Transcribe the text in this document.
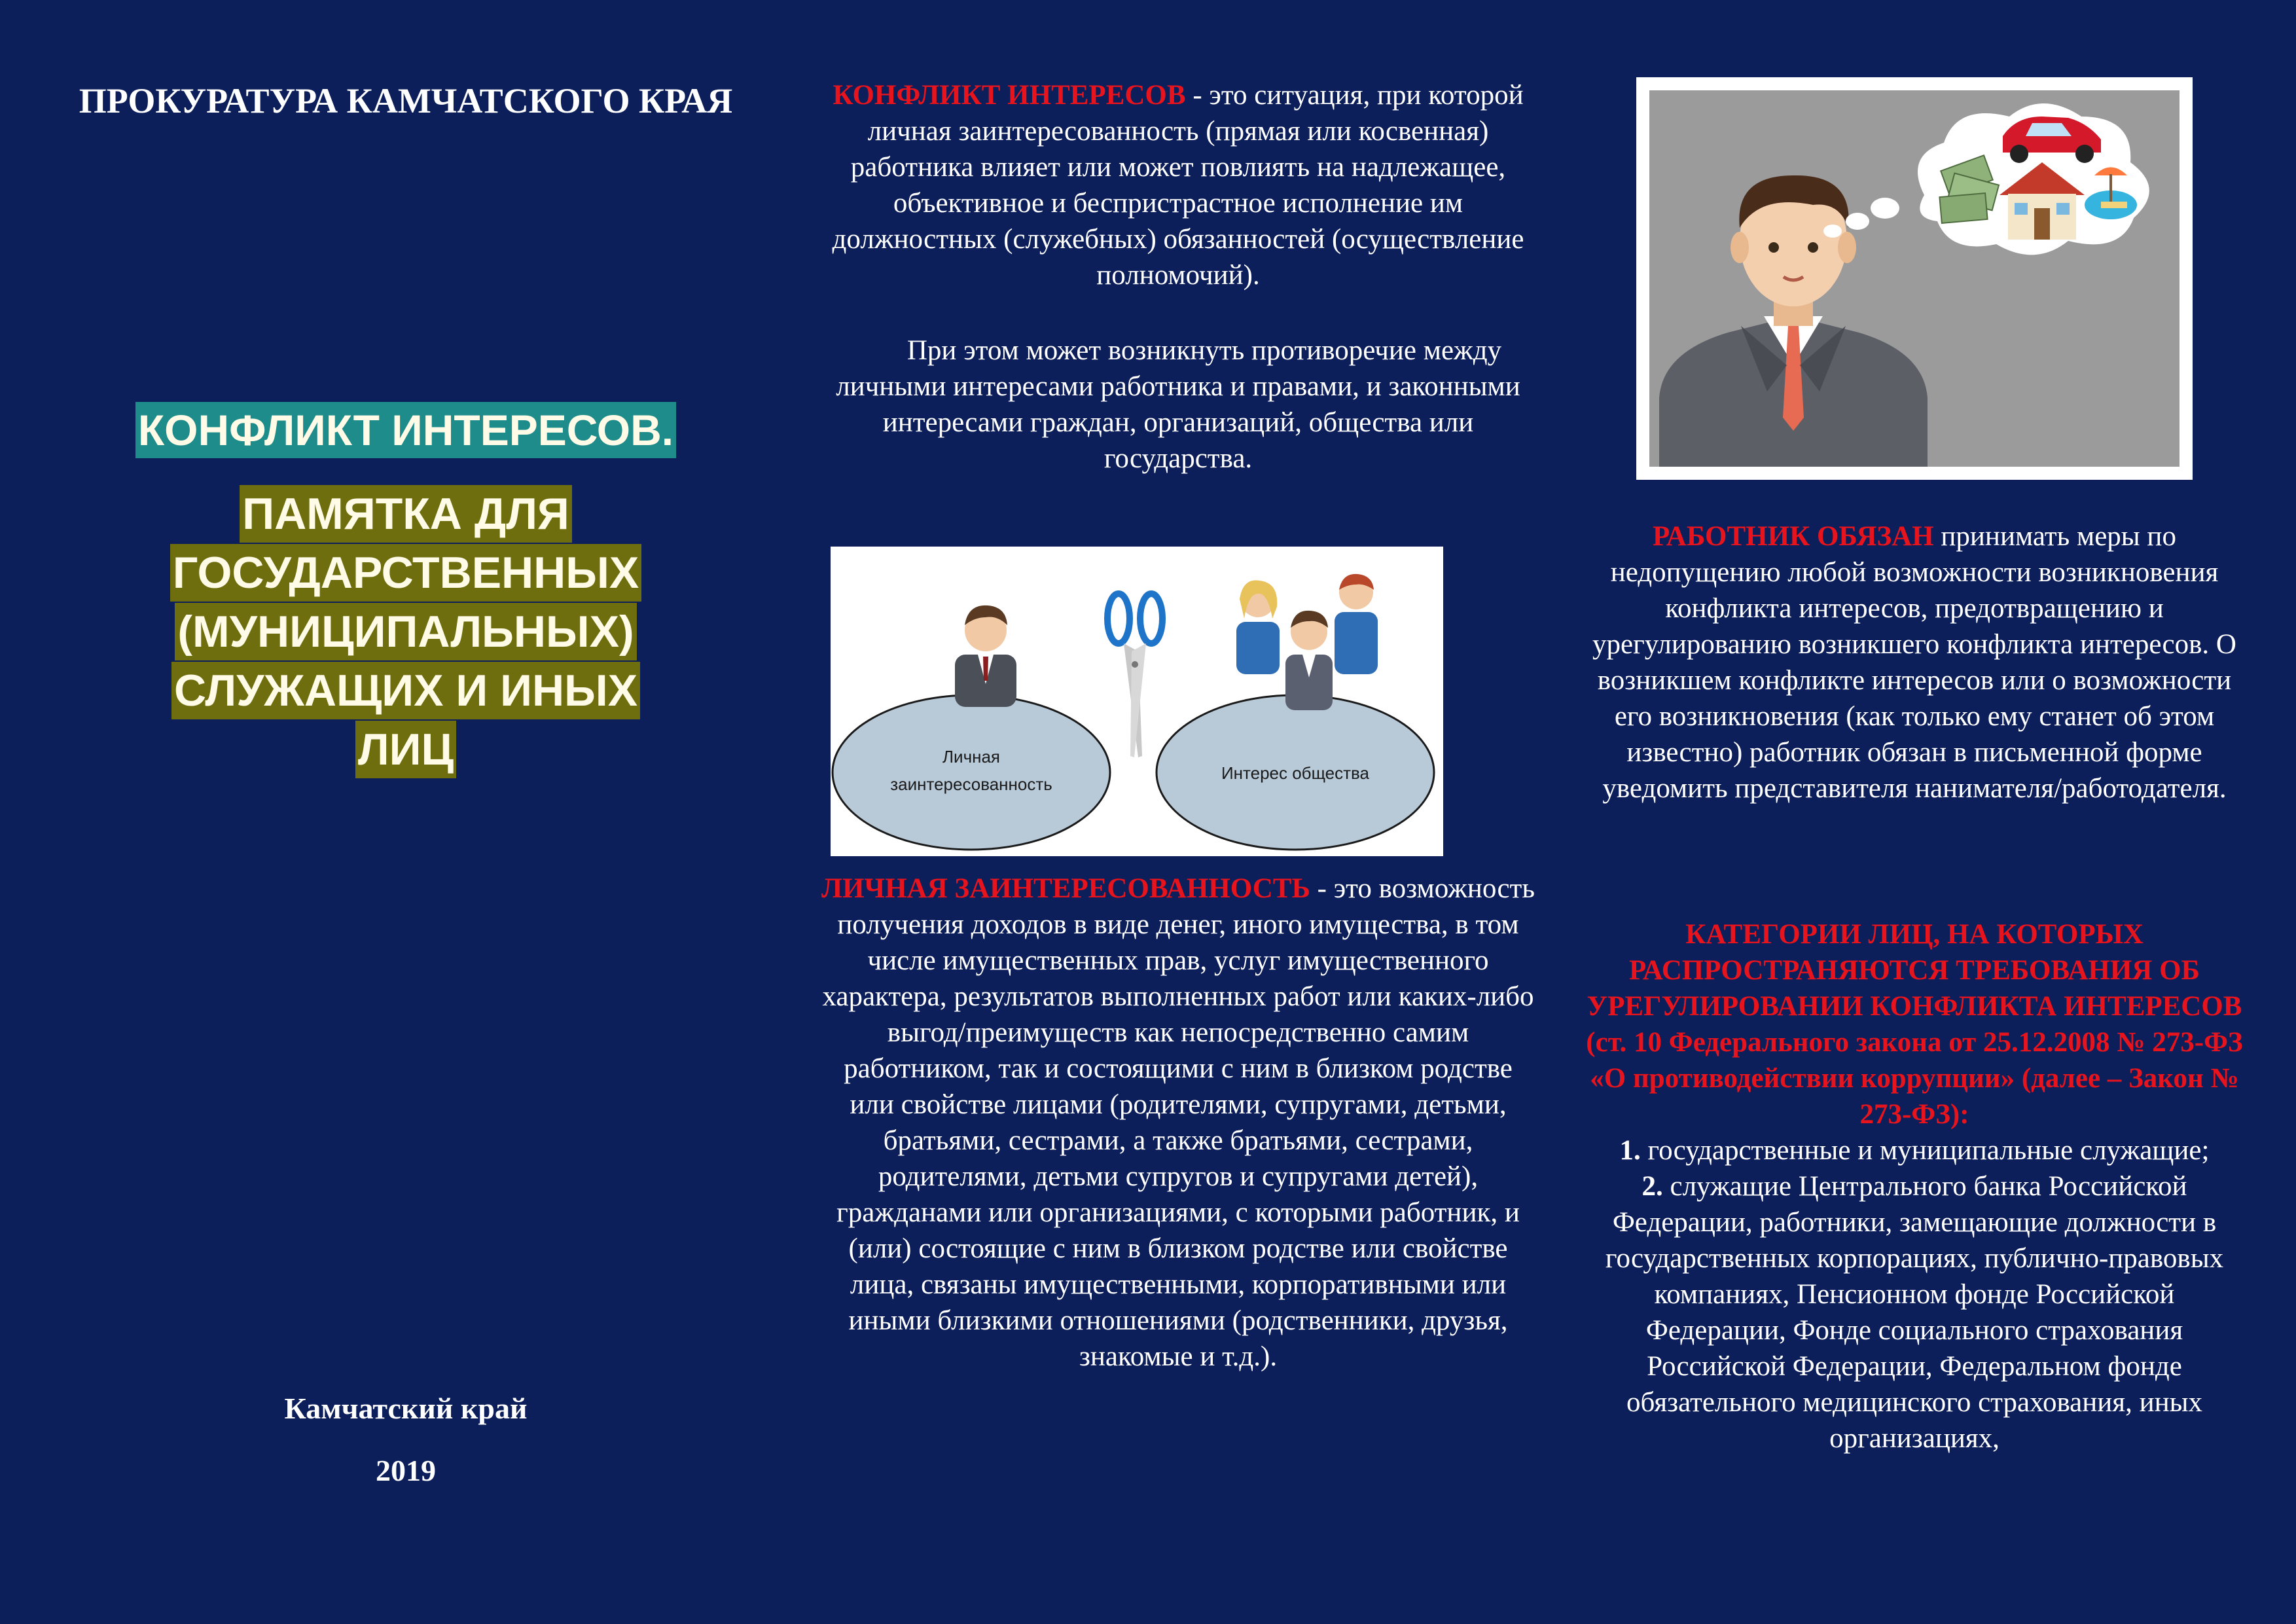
ПРОКУРАТУРА КАМЧАТСКОГО КРАЯ
КОНФЛИКТ ИНТЕРЕСОВ.
ПАМЯТКА ДЛЯ
ГОСУДАРСТВЕННЫХ
(МУНИЦИПАЛЬНЫХ)
СЛУЖАЩИХ И ИНЫХ
ЛИЦ
Камчатский край
2019
КОНФЛИКТ ИНТЕРЕСОВ - это ситуация, при которой личная заинтересованность (прямая или косвенная) работника влияет или может повлиять на надлежащее, объективное и беспристрастное исполнение им должностных (служебных) обязанностей (осуществление полномочий).
При этом может возникнуть противоречие между личными интересами работника и правами, и законными интересами граждан, организаций, общества или государства.
Личная
заинтересованность
Интерес общества
ЛИЧНАЯ ЗАИНТЕРЕСОВАННОСТЬ - это возможность получения доходов в виде денег, иного имущества, в том числе имущественных прав, услуг имущественного характера, результатов выполненных работ или каких-либо выгод/преимуществ как непосредственно самим работником, так и состоящими с ним в близком родстве или свойстве лицами (родителями, супругами, детьми, братьями, сестрами, а также братьями, сестрами, родителями, детьми супругов и супругами детей), гражданами или организациями, с которыми работник, и (или) состоящие с ним в близком родстве или свойстве лица, связаны имущественными, корпоративными или иными близкими отношениями (родственники, друзья, знакомые и т.д.).
РАБОТНИК ОБЯЗАН принимать меры по недопущению любой возможности возникновения конфликта интересов, предотвращению и урегулированию возникшего конфликта интересов. О возникшем конфликте интересов или о возможности его возникновения (как только ему станет об этом известно) работник обязан в письменной форме уведомить представителя нанимателя/работодателя.
КАТЕГОРИИ ЛИЦ, НА КОТОРЫХ РАСПРОСТРАНЯЮТСЯ ТРЕБОВАНИЯ ОБ УРЕГУЛИРОВАНИИ КОНФЛИКТА ИНТЕРЕСОВ (ст. 10 Федерального закона от 25.12.2008 № 273-ФЗ «О противодействии коррупции» (далее – Закон № 273-ФЗ):
1. государственные и муниципальные служащие;
2. служащие Центрального банка Российской Федерации, работники, замещающие должности в государственных корпорациях, публично-правовых компаниях, Пенсионном фонде Российской Федерации, Фонде социального страхования Российской Федерации, Федеральном фонде обязательного медицинского страхования, иных организациях,
